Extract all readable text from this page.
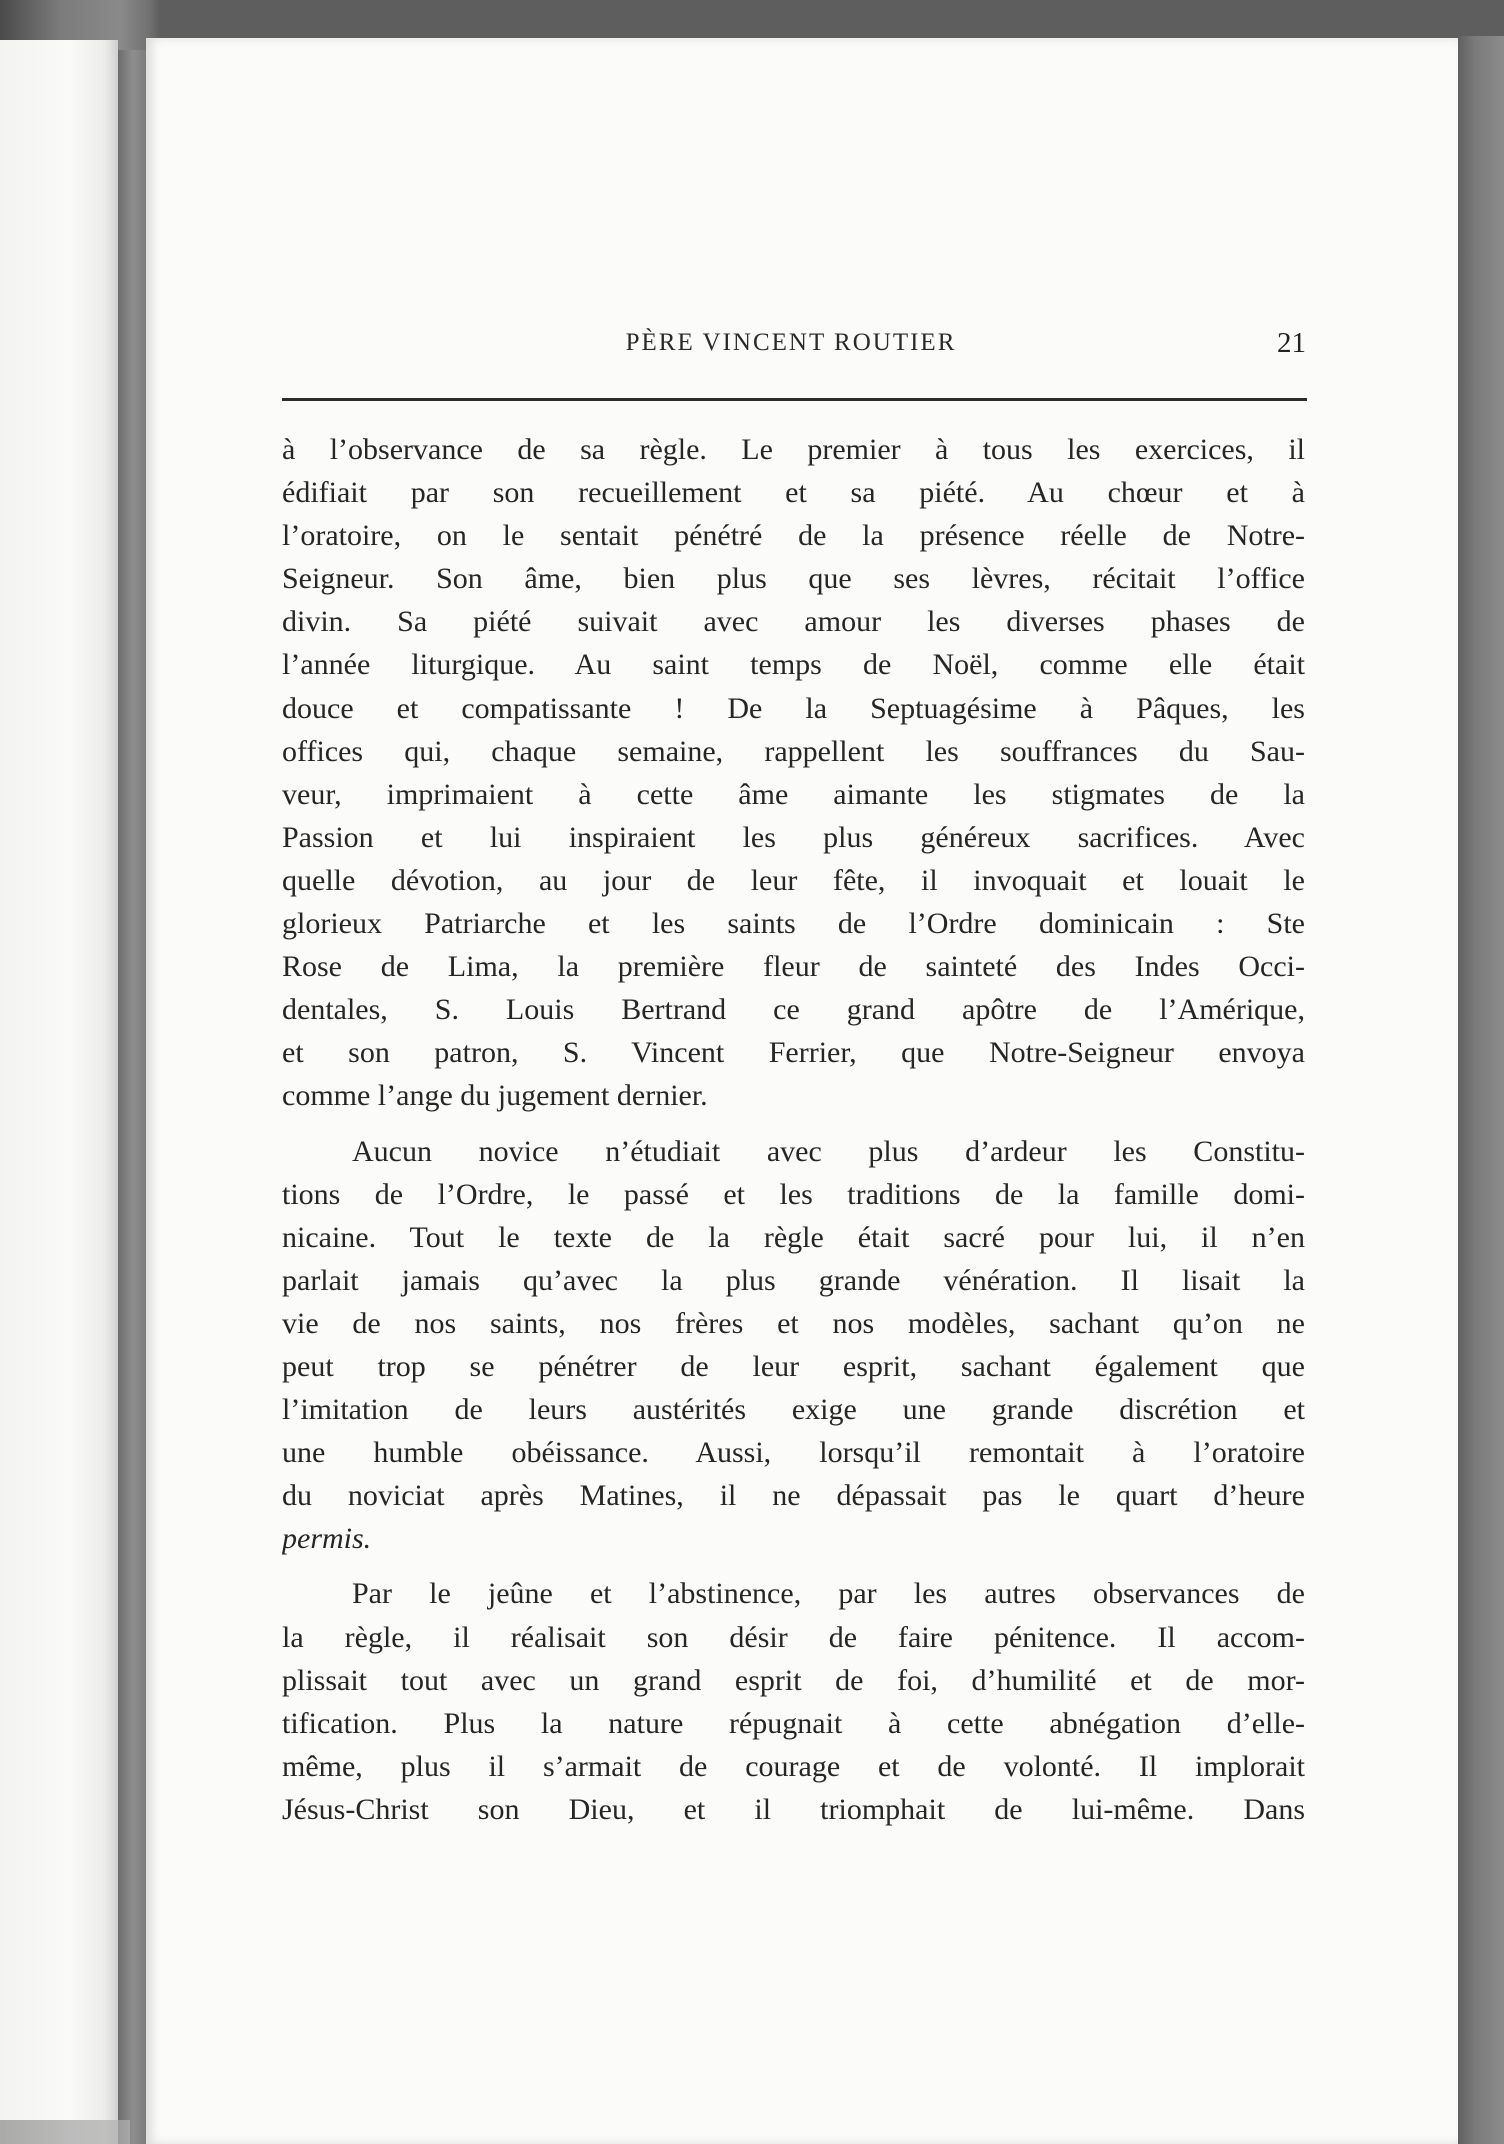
PÈRE VINCENT ROUTIER	21
à l’observance de sa règle. Le premier à tous les exercices, il
édifiait par son recueillement et sa piété. Au chœur et à
l’oratoire, on le sentait pénétré de la présence réelle de Notre-
Seigneur. Son âme, bien plus que ses lèvres, récitait l’office
divin. Sa piété suivait avec amour les diverses phases de
l’année liturgique. Au saint temps de Noël, comme elle était
douce et compatissante ! De la Septuagésime à Pâques, les
offices qui, chaque semaine, rappellent les souffrances du Sau-
veur, imprimaient à cette âme aimante les stigmates de la
Passion et lui inspiraient les plus généreux sacrifices. Avec
quelle dévotion, au jour de leur fête, il invoquait et louait le
glorieux Patriarche et les saints de l’Ordre dominicain : Ste
Rose de Lima, la première fleur de sainteté des Indes Occi-
dentales, S. Louis Bertrand ce grand apôtre de l’Amérique,
et son patron, S. Vincent Ferrier, que Notre-Seigneur envoya
comme l’ange du jugement dernier.
Aucun novice n’étudiait avec plus d’ardeur les Constitu-
tions de l’Ordre, le passé et les traditions de la famille domi-
nicaine. Tout le texte de la règle était sacré pour lui, il n’en
parlait jamais qu’avec la plus grande vénération. Il lisait la
vie de nos saints, nos frères et nos modèles, sachant qu’on ne
peut trop se pénétrer de leur esprit, sachant également que
l’imitation de leurs austérités exige une grande discrétion et
une humble obéissance. Aussi, lorsqu’il remontait à l’oratoire
du noviciat après Matines, il ne dépassait pas le quart d’heure
permis.
Par le jeûne et l’abstinence, par les autres observances de
la règle, il réalisait son désir de faire pénitence. Il accom-
plissait tout avec un grand esprit de foi, d’humilité et de mor-
tification. Plus la nature répugnait à cette abnégation d’elle-
même, plus il s’armait de courage et de volonté. Il implorait
Jésus-Christ son Dieu, et il triomphait de lui-même. Dans
